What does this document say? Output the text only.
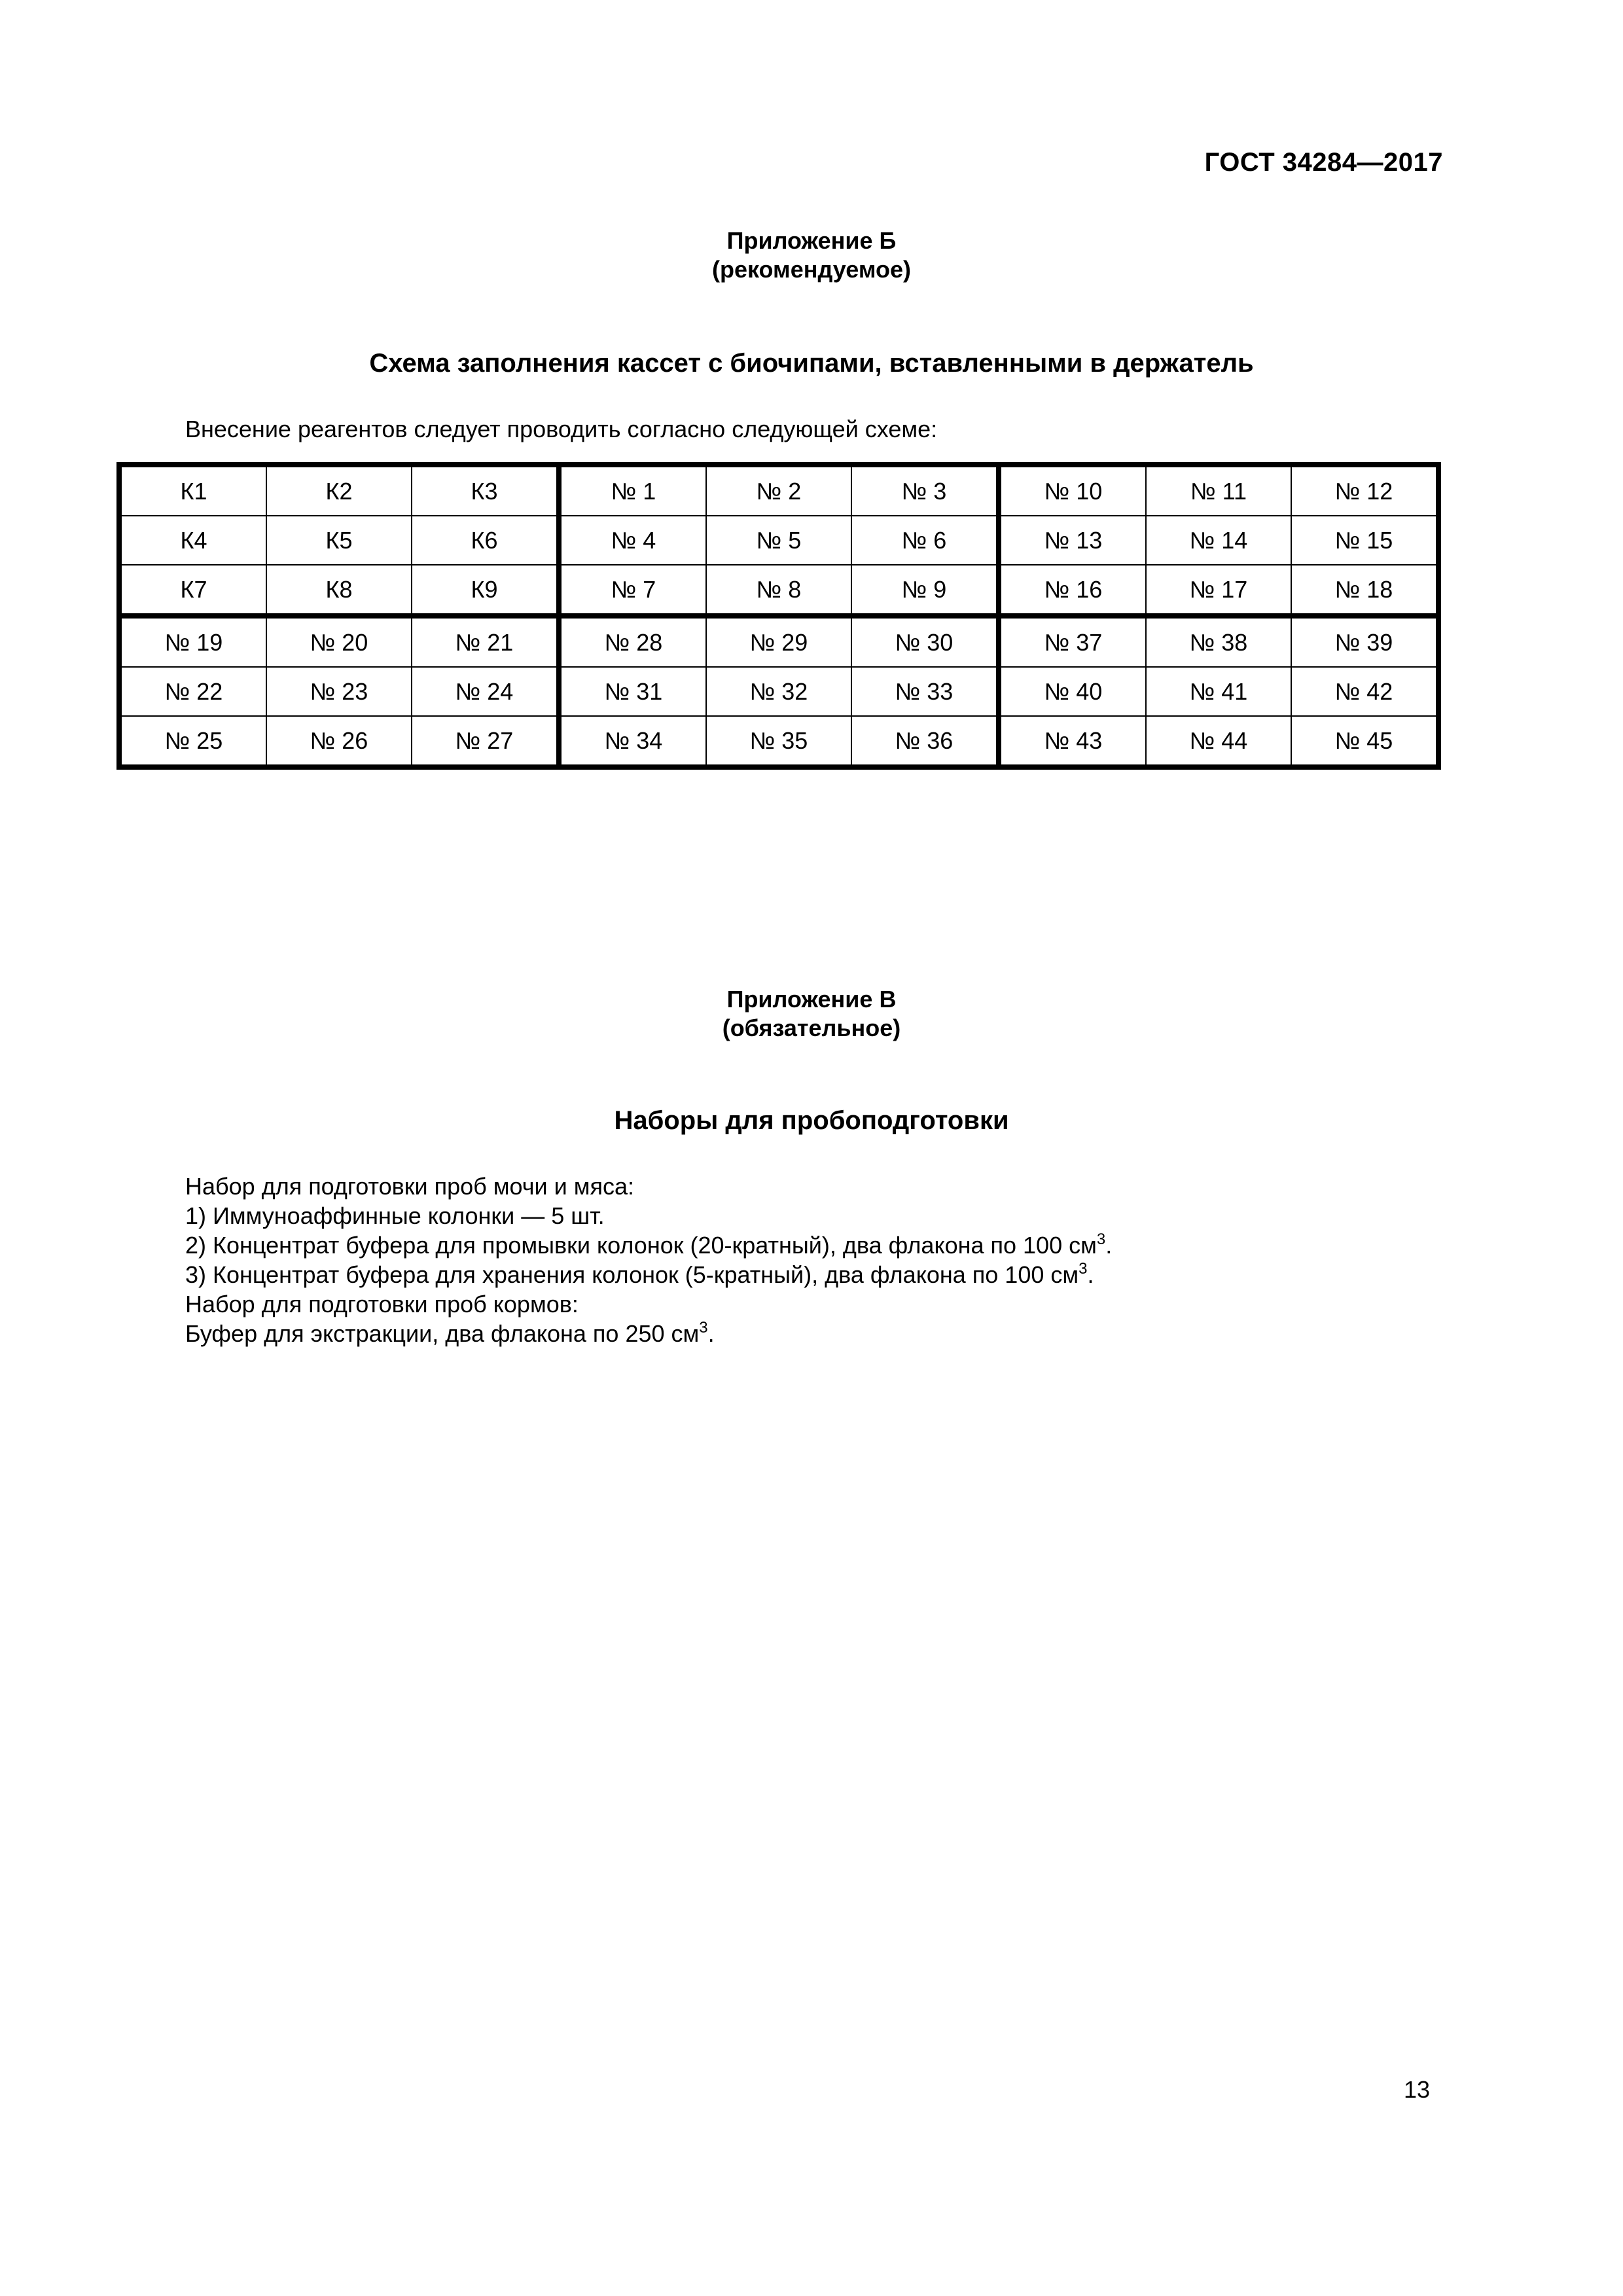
ГОСТ 34284—2017
Приложение Б
(рекомендуемое)
Схема заполнения кассет с биочипами, вставленными в держатель
Внесение реагентов следует проводить согласно следующей схеме:
К1	К2	К3	№ 1	№ 2	№ 3	№ 10	№ 11	№ 12
К4	К5	К6	№ 4	№ 5	№ 6	№ 13	№ 14	№ 15
К7	К8	К9	№ 7	№ 8	№ 9	№ 16	№ 17	№ 18
№ 19	№ 20	№ 21	№ 28	№ 29	№ 30	№ 37	№ 38	№ 39
№ 22	№ 23	№ 24	№ 31	№ 32	№ 33	№ 40	№ 41	№ 42
№ 25	№ 26	№ 27	№ 34	№ 35	№ 36	№ 43	№ 44	№ 45
Приложение В
(обязательное)
Наборы для пробоподготовки
Набор для подготовки проб мочи и мяса:
1) Иммуноаффинные колонки — 5 шт.
2) Концентрат буфера для промывки колонок (20-кратный), два флакона по 100 $см^3$.
3) Концентрат буфера для хранения колонок (5-кратный), два флакона по 100 $см^3$.
Набор для подготовки проб кормов:
Буфер для экстракции, два флакона по 250 $см^3$.
13
